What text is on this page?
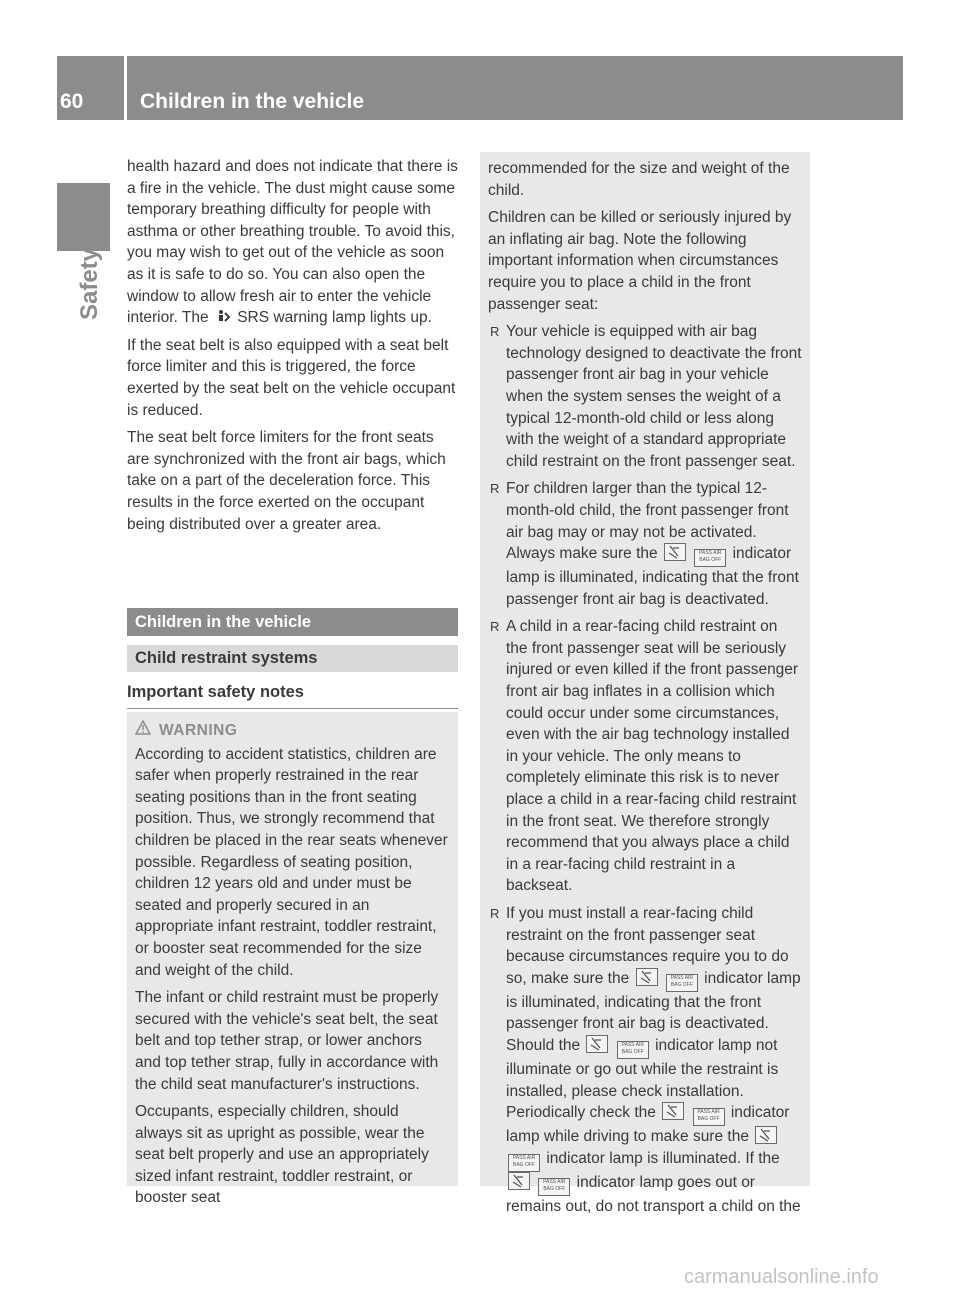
60	Children in the vehicle
Safety

health hazard and does not indicate that there is a fire in the vehicle. The dust might cause some temporary breathing difficulty for people with asthma or other breathing trouble. To avoid this, you may wish to get out of the vehicle as soon as it is safe to do so. You can also open the window to allow fresh air to enter the vehicle interior. The SRS warning lamp lights up.

If the seat belt is also equipped with a seat belt force limiter and this is triggered, the force exerted by the seat belt on the vehicle occupant is reduced.

The seat belt force limiters for the front seats are synchronized with the front air bags, which take on a part of the deceleration force. This results in the force exerted on the occupant being distributed over a greater area.

Children in the vehicle
Child restraint systems
Important safety notes
WARNING

According to accident statistics, children are safer when properly restrained in the rear seating positions than in the front seating position. Thus, we strongly recommend that children be placed in the rear seats whenever possible. Regardless of seating position, children 12 years old and under must be seated and properly secured in an appropriate infant restraint, toddler restraint, or booster seat recommended for the size and weight of the child.

The infant or child restraint must be properly secured with the vehicle's seat belt, the seat belt and top tether strap, or lower anchors and top tether strap, fully in accordance with the child seat manufacturer's instructions.

Occupants, especially children, should always sit as upright as possible, wear the seat belt properly and use an appropriately sized infant restraint, toddler restraint, or booster seat

recommended for the size and weight of the child.

Children can be killed or seriously injured by an inflating air bag. Note the following important information when circumstances require you to place a child in the front passenger seat:

R Your vehicle is equipped with air bag technology designed to deactivate the front passenger front air bag in your vehicle when the system senses the weight of a typical 12-month-old child or less along with the weight of a standard appropriate child restraint on the front passenger seat.
R For children larger than the typical 12-month-old child, the front passenger front air bag may or may not be activated. Always make sure the	PASS AIR BAG OFF indicator lamp is illuminated, indicating that the front passenger front air bag is deactivated.
R A child in a rear-facing child restraint on the front passenger seat will be seriously injured or even killed if the front passenger front air bag inflates in a collision which could occur under some circumstances, even with the air bag technology installed in your vehicle. The only means to completely eliminate this risk is to never place a child in a rear-facing child restraint in the front seat. We therefore strongly recommend that you always place a child in a rear-facing child restraint in a backseat.
R If you must install a rear-facing child restraint on the front passenger seat because circumstances require you to do so, make sure the	PASS AIR BAG OFF indicator lamp is illuminated, indicating that the front passenger front air bag is deactivated. Should the	PASS AIR BAG OFF indicator lamp not illuminate or go out while the restraint is installed, please check installation. Periodically check the	PASS AIR BAG OFF indicator lamp while driving to make sure the
PASS AIR BAG OFF indicator lamp is illuminated. If the
PASS AIR BAG OFF indicator lamp goes out or remains out, do not transport a child on the
carmanualsonline.info
